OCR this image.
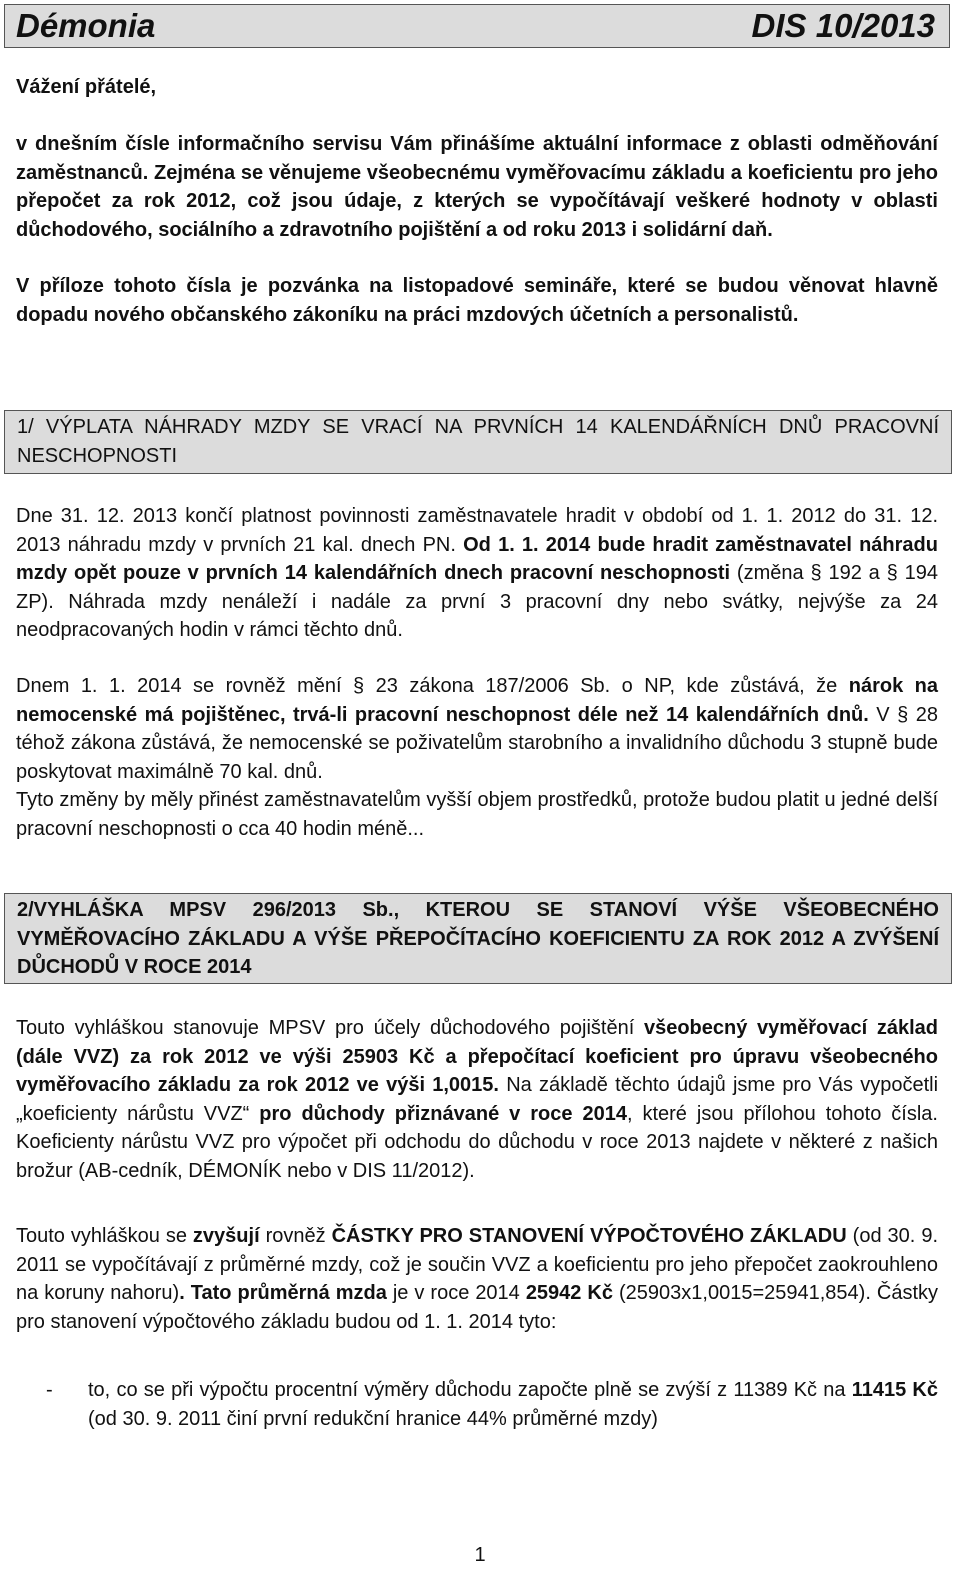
Démonia	DIS 10/2013

Vážení přátelé,

v dnešním čísle informačního servisu Vám přinášíme aktuální informace z oblasti odměňování zaměstnanců. Zejména se věnujeme všeobecnému vyměřovacímu základu a koeficientu pro jeho přepočet za rok 2012, což jsou údaje, z kterých se vypočítávají veškeré hodnoty v oblasti důchodového, sociálního a zdravotního pojištění a od roku 2013 i solidární daň.

V příloze tohoto čísla je pozvánka na listopadové semináře, které se budou věnovat hlavně dopadu nového občanského zákoníku na práci mzdových účetních a personalistů.

1/ VÝPLATA NÁHRADY MZDY SE VRACÍ NA PRVNÍCH 14 KALENDÁŘNÍCH DNŮ PRACOVNÍ NESCHOPNOSTI

Dne 31. 12. 2013 končí platnost povinnosti zaměstnavatele hradit v období od 1. 1. 2012 do 31. 12. 2013 náhradu mzdy v prvních 21 kal. dnech PN. Od 1. 1. 2014 bude hradit zaměstnavatel náhradu mzdy opět pouze v prvních 14 kalendářních dnech pracovní neschopnosti (změna § 192 a § 194 ZP). Náhrada mzdy nenáleží i nadále za první 3 pracovní dny nebo svátky, nejvýše za 24 neodpracovaných hodin v rámci těchto dnů.

Dnem 1. 1. 2014 se rovněž mění § 23 zákona 187/2006 Sb. o NP, kde zůstává, že nárok na nemocenské má pojištěnec, trvá-li pracovní neschopnost déle než 14 kalendářních dnů. V § 28 téhož zákona zůstává, že nemocenské se poživatelům starobního a invalidního důchodu 3 stupně bude poskytovat maximálně 70 kal. dnů.

Tyto změny by měly přinést zaměstnavatelům vyšší objem prostředků, protože budou platit u jedné delší pracovní neschopnosti o cca 40 hodin méně...

2/VYHLÁŠKA MPSV 296/2013 Sb., KTEROU SE STANOVÍ VÝŠE VŠEOBECNÉHO VYMĚŘOVACÍHO ZÁKLADU A VÝŠE PŘEPOČÍTACÍHO KOEFICIENTU ZA ROK 2012 A ZVÝŠENÍ DŮCHODŮ V ROCE 2014

Touto vyhláškou stanovuje MPSV pro účely důchodového pojištění všeobecný vyměřovací základ (dále VVZ) za rok 2012 ve výši 25903 Kč a přepočítací koeficient pro úpravu všeobecného vyměřovacího základu za rok 2012 ve výši 1,0015. Na základě těchto údajů jsme pro Vás vypočetli „koeficienty nárůstu VVZ“ pro důchody přiznávané v roce 2014, které jsou přílohou tohoto čísla. Koeficienty nárůstu VVZ pro výpočet při odchodu do důchodu v roce 2013 najdete v některé z našich brožur (AB-cedník, DÉMONÍK nebo v DIS 11/2012).

Touto vyhláškou se zvyšují rovněž ČÁSTKY PRO STANOVENÍ VÝPOČTOVÉHO ZÁKLADU (od 30. 9. 2011 se vypočítávají z průměrné mzdy, což je součin VVZ a koeficientu pro jeho přepočet zaokrouhleno na koruny nahoru). Tato průměrná mzda je v roce 2014 25942 Kč (25903x1,0015=25941,854). Částky pro stanovení výpočtového základu budou od 1. 1. 2014 tyto:

- to, co se při výpočtu procentní výměry důchodu započte plně se zvýší z 11389 Kč na 11415 Kč (od 30. 9. 2011 činí první redukční hranice 44% průměrné mzdy)
1
